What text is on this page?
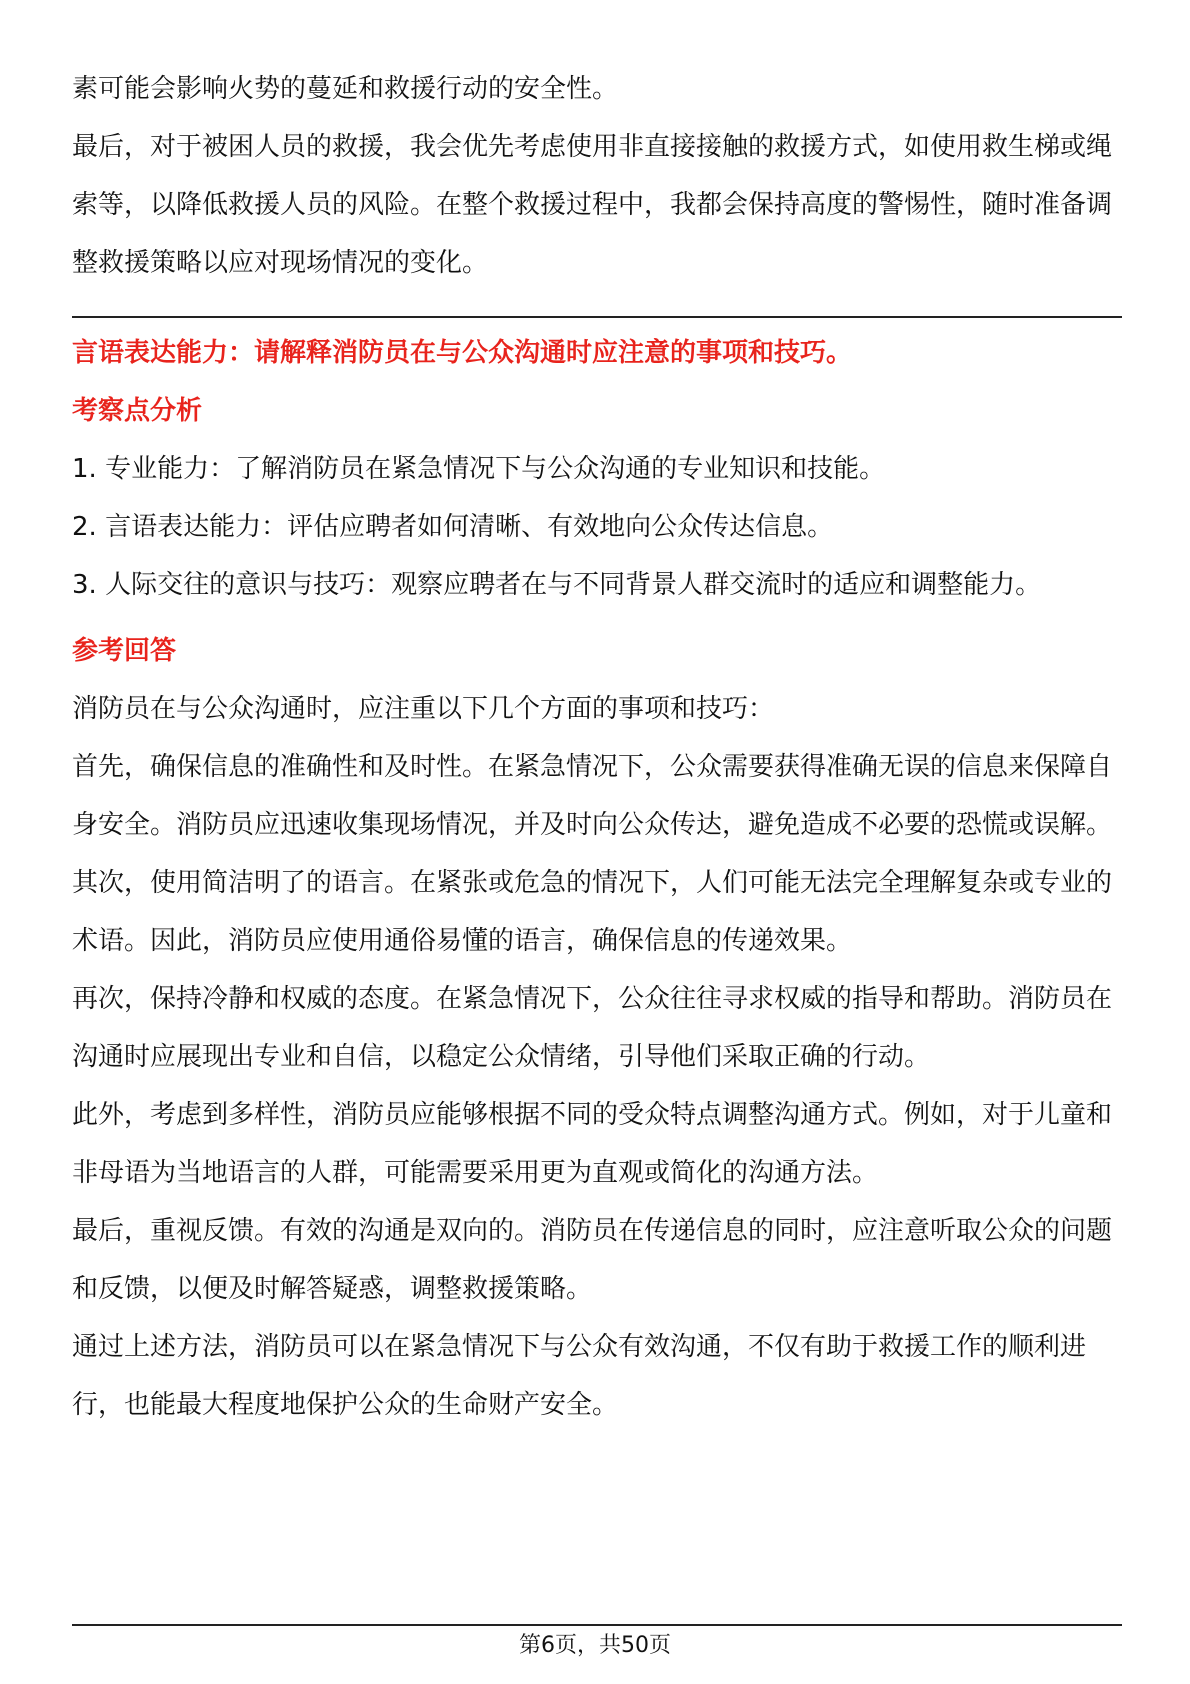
素可能会影响火势的蔓延和救援行动的安全性。

最后，对于被困人员的救援，我会优先考虑使用非直接接触的救援方式，如使用救生梯或绳索等，以降低救援人员的风险。在整个救援过程中，我都会保持高度的警惕性，随时准备调整救援策略以应对现场情况的变化。

言语表达能力：请解释消防员在与公众沟通时应注意的事项和技巧。

考察点分析

1. 专业能力：了解消防员在紧急情况下与公众沟通的专业知识和技能。

2. 言语表达能力：评估应聘者如何清晰、有效地向公众传达信息。

3. 人际交往的意识与技巧：观察应聘者在与不同背景人群交流时的适应和调整能力。

参考回答

消防员在与公众沟通时，应注重以下几个方面的事项和技巧：

首先，确保信息的准确性和及时性。在紧急情况下，公众需要获得准确无误的信息来保障自身安全。消防员应迅速收集现场情况，并及时向公众传达，避免造成不必要的恐慌或误解。

其次，使用简洁明了的语言。在紧张或危急的情况下，人们可能无法完全理解复杂或专业的术语。因此，消防员应使用通俗易懂的语言，确保信息的传递效果。

再次，保持冷静和权威的态度。在紧急情况下，公众往往寻求权威的指导和帮助。消防员在沟通时应展现出专业和自信，以稳定公众情绪，引导他们采取正确的行动。

此外，考虑到多样性，消防员应能够根据不同的受众特点调整沟通方式。例如，对于儿童和非母语为当地语言的人群，可能需要采用更为直观或简化的沟通方法。

最后，重视反馈。有效的沟通是双向的。消防员在传递信息的同时，应注意听取公众的问题和反馈，以便及时解答疑惑，调整救援策略。

通过上述方法，消防员可以在紧急情况下与公众有效沟通，不仅有助于救援工作的顺利进行，也能最大程度地保护公众的生命财产安全。

第6页，共50页
